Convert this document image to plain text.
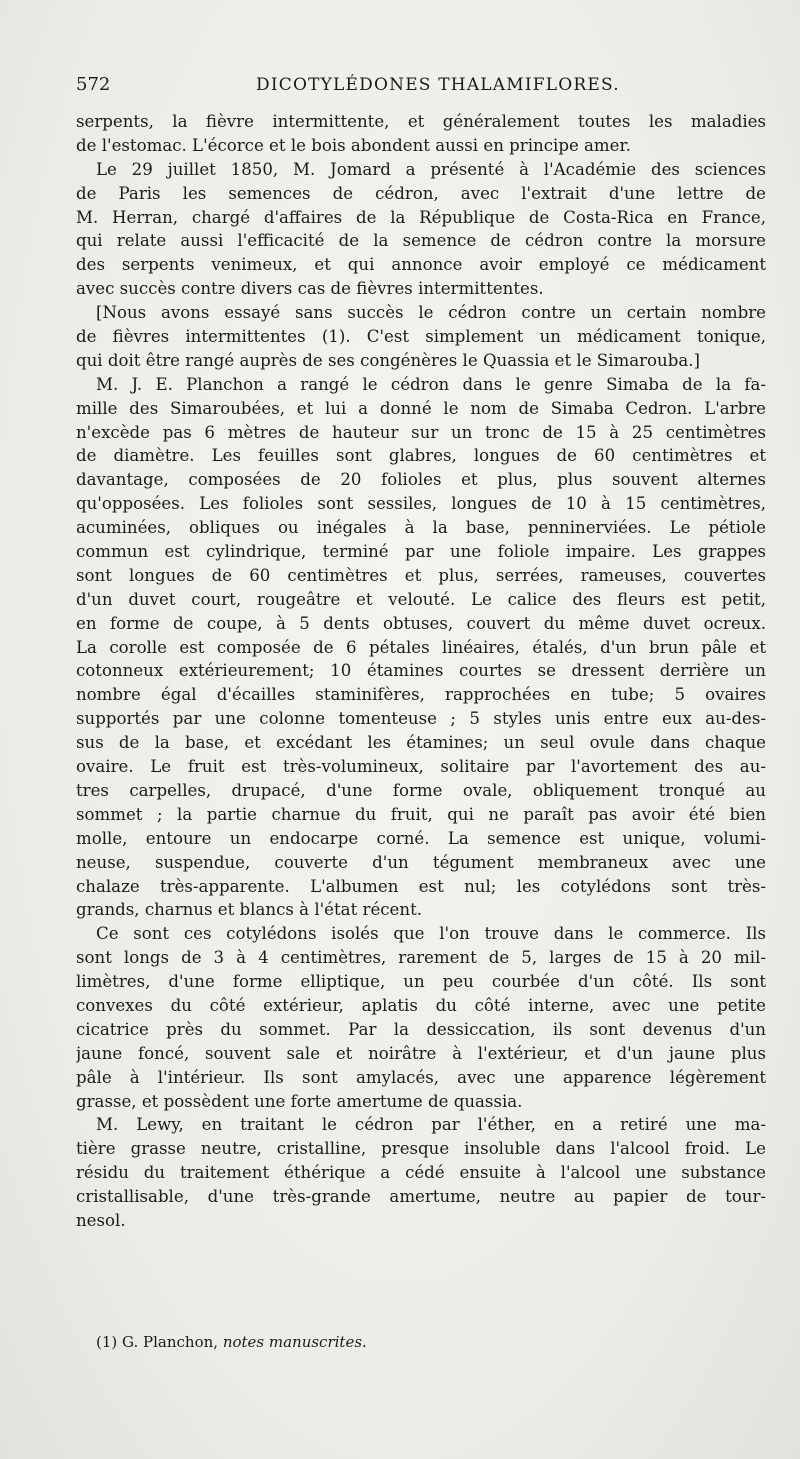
572	DICOTYLÉDONES THALAMIFLORES.
serpents, la fièvre intermittente, et généralement toutes les maladies
de l'estomac. L'écorce et le bois abondent aussi en principe amer.
Le 29 juillet 1850, M. Jomard a présenté à l'Académie des sciences
de Paris les semences de cédron, avec l'extrait d'une lettre de
M. Herran, chargé d'affaires de la République de Costa-Rica en France,
qui relate aussi l'efficacité de la semence de cédron contre la morsure
des serpents venimeux, et qui annonce avoir employé ce médicament
avec succès contre divers cas de fièvres intermittentes.
[Nous avons essayé sans succès le cédron contre un certain nombre
de fièvres intermittentes (1). C'est simplement un médicament tonique,
qui doit être rangé auprès de ses congénères le Quassia et le Simarouba.]
M. J. E. Planchon a rangé le cédron dans le genre Simaba de la fa-
mille des Simaroubées, et lui a donné le nom de Simaba Cedron. L'arbre
n'excède pas 6 mètres de hauteur sur un tronc de 15 à 25 centimètres
de diamètre. Les feuilles sont glabres, longues de 60 centimètres et
davantage, composées de 20 folioles et plus, plus souvent alternes
qu'opposées. Les folioles sont sessiles, longues de 10 à 15 centimètres,
acuminées, obliques ou inégales à la base, penninerviées. Le pétiole
commun est cylindrique, terminé par une foliole impaire. Les grappes
sont longues de 60 centimètres et plus, serrées, rameuses, couvertes
d'un duvet court, rougeâtre et velouté. Le calice des fleurs est petit,
en forme de coupe, à 5 dents obtuses, couvert du même duvet ocreux.
La corolle est composée de 6 pétales linéaires, étalés, d'un brun pâle et
cotonneux extérieurement; 10 étamines courtes se dressent derrière un
nombre égal d'écailles staminifères, rapprochées en tube; 5 ovaires
supportés par une colonne tomenteuse ; 5 styles unis entre eux au-des-
sus de la base, et excédant les étamines; un seul ovule dans chaque
ovaire. Le fruit est très-volumineux, solitaire par l'avortement des au-
tres carpelles, drupacé, d'une forme ovale, obliquement tronqué au
sommet ; la partie charnue du fruit, qui ne paraît pas avoir été bien
molle, entoure un endocarpe corné. La semence est unique, volumi-
neuse, suspendue, couverte d'un tégument membraneux avec une
chalaze très-apparente. L'albumen est nul; les cotylédons sont très-
grands, charnus et blancs à l'état récent.
Ce sont ces cotylédons isolés que l'on trouve dans le commerce. Ils
sont longs de 3 à 4 centimètres, rarement de 5, larges de 15 à 20 mil-
limètres, d'une forme elliptique, un peu courbée d'un côté. Ils sont
convexes du côté extérieur, aplatis du côté interne, avec une petite
cicatrice près du sommet. Par la dessiccation, ils sont devenus d'un
jaune foncé, souvent sale et noirâtre à l'extérieur, et d'un jaune plus
pâle à l'intérieur. Ils sont amylacés, avec une apparence légèrement
grasse, et possèdent une forte amertume de quassia.
M. Lewy, en traitant le cédron par l'éther, en a retiré une ma-
tière grasse neutre, cristalline, presque insoluble dans l'alcool froid. Le
résidu du traitement éthérique a cédé ensuite à l'alcool une substance
cristallisable, d'une très-grande amertume, neutre au papier de tour-
nesol.
(1) G. Planchon, notes manuscrites.
